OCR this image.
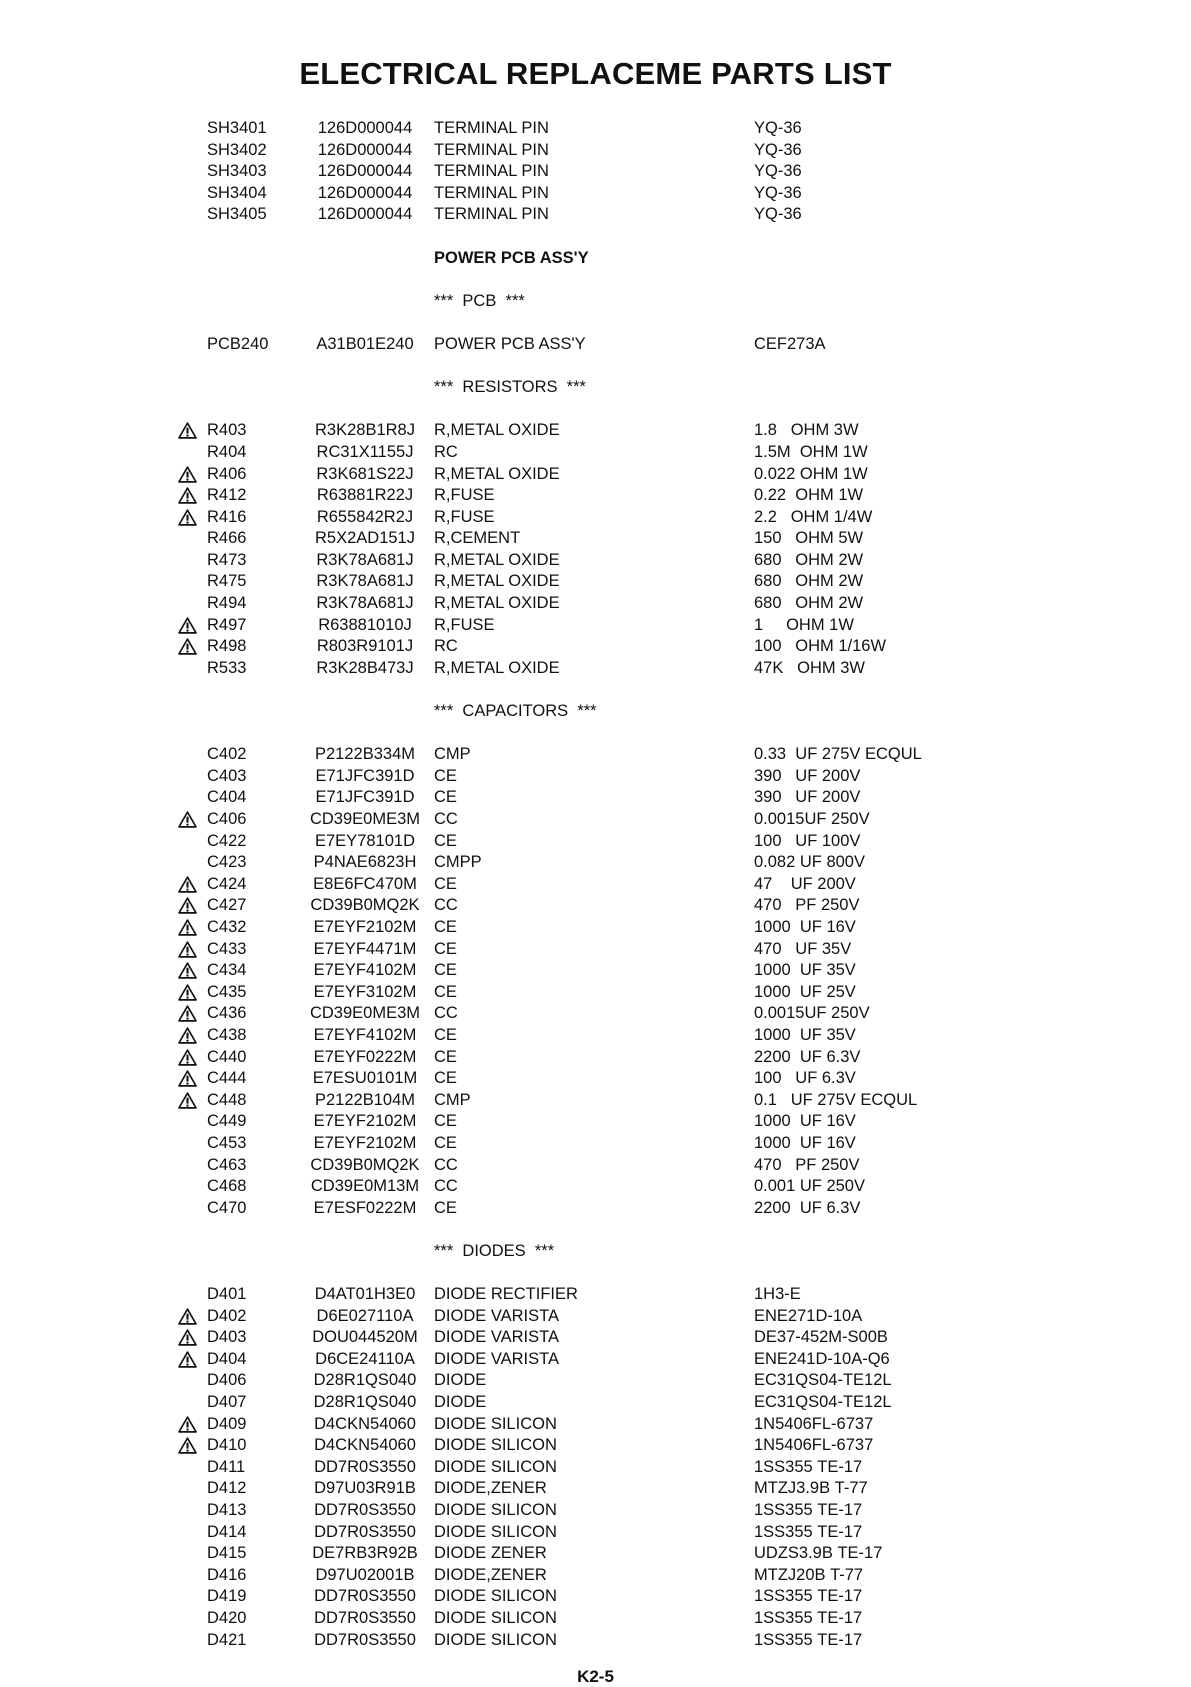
ELECTRICAL REPLACEME PARTS LIST
SH3401	126D000044 TERMINAL PIN	YQ-36
SH3402	126D000044 TERMINAL PIN	YQ-36
SH3403	126D000044 TERMINAL PIN	YQ-36
SH3404	126D000044 TERMINAL PIN	YQ-36
SH3405	126D000044 TERMINAL PIN	YQ-36
POWER PCB ASS'Y
***  PCB  ***
PCB240	A31B01E240 POWER PCB ASS'Y	CEF273A
***  RESISTORS  ***
R403	R3K28B1R8J R,METAL OXIDE	1.8   OHM 3W
R404	RC31X1155J RC	1.5M  OHM 1W
R406	R3K681S22J R,METAL OXIDE	0.022 OHM 1W
R412	R63881R22J R,FUSE	0.22  OHM 1W
R416	R655842R2J R,FUSE	2.2   OHM 1/4W
R466	R5X2AD151J R,CEMENT	150   OHM 5W
R473	R3K78A681J R,METAL OXIDE	680   OHM 2W
R475	R3K78A681J R,METAL OXIDE	680   OHM 2W
R494	R3K78A681J R,METAL OXIDE	680   OHM 2W
R497	R63881010J R,FUSE	1     OHM 1W
R498	R803R9101J RC	100   OHM 1/16W
R533	R3K28B473J R,METAL OXIDE	47K   OHM 3W
***  CAPACITORS  ***
C402	P2122B334M CMP	0.33  UF 275V ECQUL
C403	E71JFC391D CE	390   UF 200V
C404	E71JFC391D CE	390   UF 200V
C406	CD39E0ME3M CC	0.0015UF 250V
C422	E7EY78101D CE	100   UF 100V
C423	P4NAE6823H CMPP	0.082 UF 800V
C424	E8E6FC470M CE	47    UF 200V
C427	CD39B0MQ2K CC	470   PF 250V
C432	E7EYF2102M CE	1000  UF 16V
C433	E7EYF4471M CE	470   UF 35V
C434	E7EYF4102M CE	1000  UF 35V
C435	E7EYF3102M CE	1000  UF 25V
C436	CD39E0ME3M CC	0.0015UF 250V
C438	E7EYF4102M CE	1000  UF 35V
C440	E7EYF0222M CE	2200  UF 6.3V
C444	E7ESU0101M CE	100   UF 6.3V
C448	P2122B104M CMP	0.1   UF 275V ECQUL
C449	E7EYF2102M CE	1000  UF 16V
C453	E7EYF2102M CE	1000  UF 16V
C463	CD39B0MQ2K CC	470   PF 250V
C468	CD39E0M13M CC	0.001 UF 250V
C470	E7ESF0222M CE	2200  UF 6.3V
***  DIODES  ***
D401	D4AT01H3E0 DIODE RECTIFIER	1H3-E
D402	D6E027110A DIODE VARISTA	ENE271D-10A
D403	DOU044520M DIODE VARISTA	DE37-452M-S00B
D404	D6CE24110A DIODE VARISTA	ENE241D-10A-Q6
D406	D28R1QS040 DIODE	EC31QS04-TE12L
D407	D28R1QS040 DIODE	EC31QS04-TE12L
D409	D4CKN54060 DIODE SILICON	1N5406FL-6737
D410	D4CKN54060 DIODE SILICON	1N5406FL-6737
D411	DD7R0S3550 DIODE SILICON	1SS355 TE-17
D412	D97U03R91B DIODE,ZENER	MTZJ3.9B T-77
D413	DD7R0S3550 DIODE SILICON	1SS355 TE-17
D414	DD7R0S3550 DIODE SILICON	1SS355 TE-17
D415	DE7RB3R92B DIODE ZENER	UDZS3.9B TE-17
D416	D97U02001B DIODE,ZENER	MTZJ20B T-77
D419	DD7R0S3550 DIODE SILICON	1SS355 TE-17
D420	DD7R0S3550 DIODE SILICON	1SS355 TE-17
D421	DD7R0S3550 DIODE SILICON	1SS355 TE-17
K2-5
